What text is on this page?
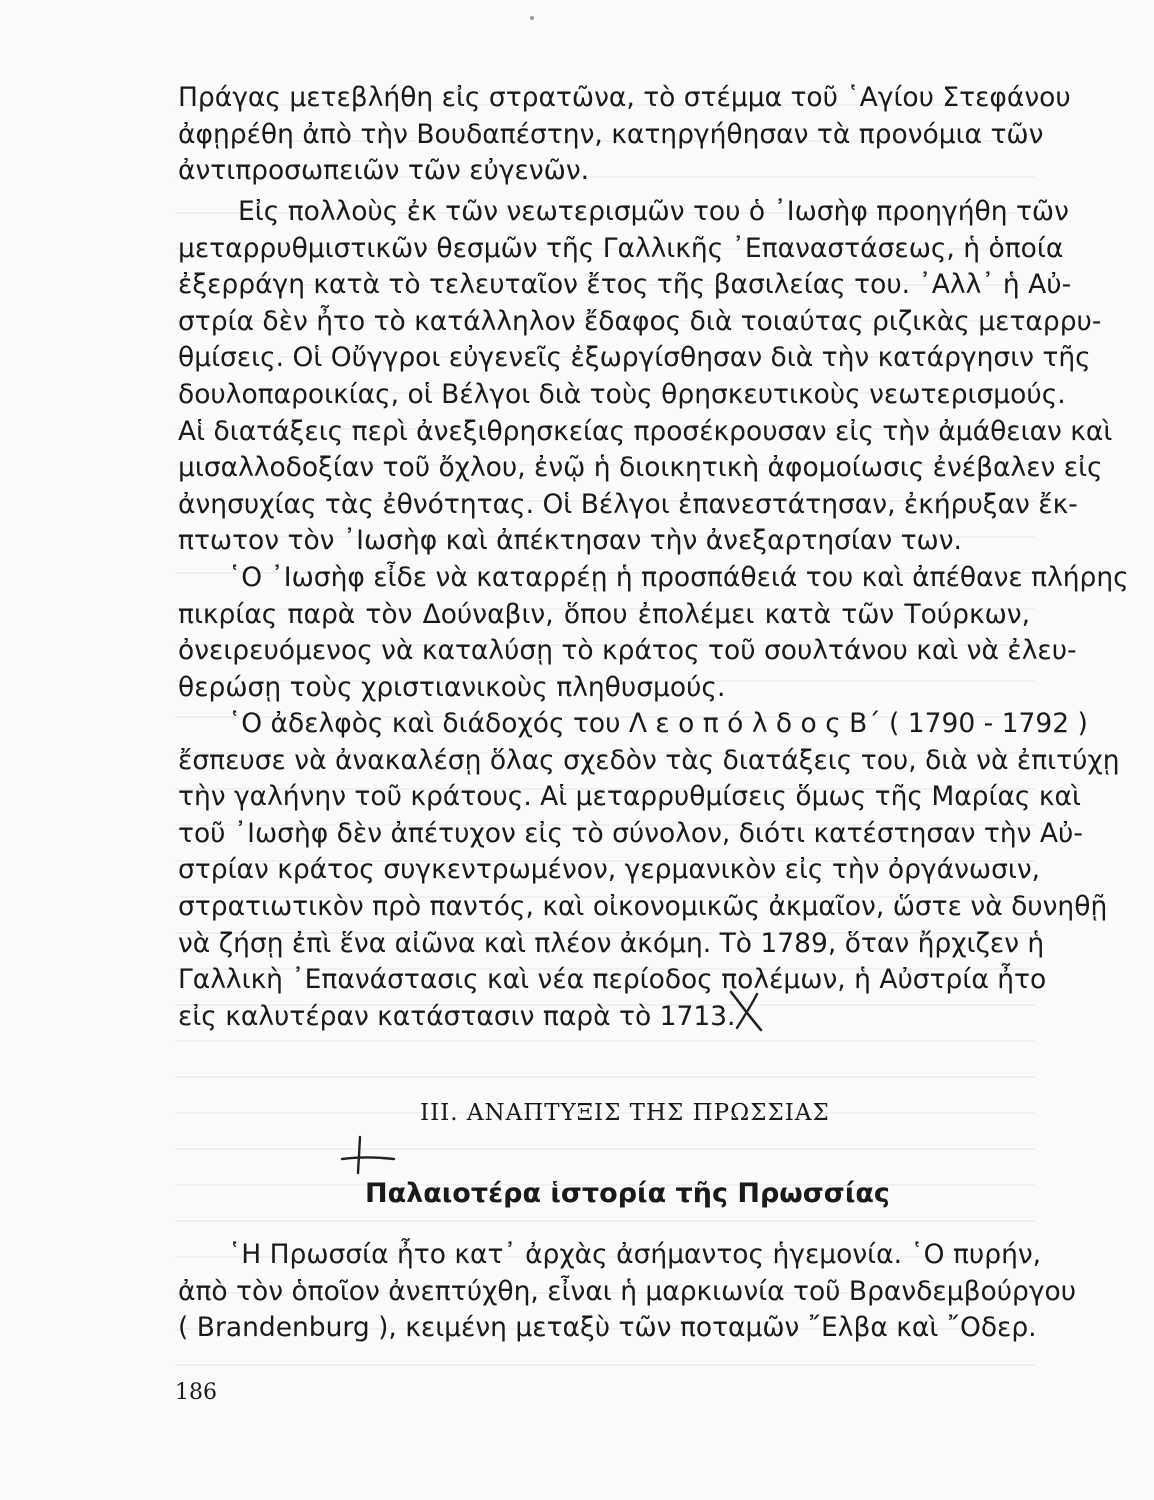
Πράγας μετεβλήθη εἰς στρατῶνα, τὸ στέμμα τοῦ ῾Αγίου Στεφάνου
ἀφῃρέθη ἀπὸ τὴν Βουδαπέστην, κατηργήθησαν τὰ προνόμια τῶν
ἀντιπροσωπειῶν τῶν εὐγενῶν.
Εἰς πολλοὺς ἐκ τῶν νεωτερισμῶν του ὁ ᾿Ιωσὴφ προηγήθη τῶν
μεταρρυθμιστικῶν θεσμῶν τῆς Γαλλικῆς ᾿Επαναστάσεως, ἡ ὁποία
ἐξερράγη κατὰ τὸ τελευταῖον ἔτος τῆς βασιλείας του. ᾿Αλλ᾿ ἡ Αὐ-
στρία δὲν ἦτο τὸ κατάλληλον ἔδαφος διὰ τοιαύτας ριζικὰς μεταρρυ-
θμίσεις. Οἱ Οὔγγροι εὐγενεῖς ἐξωργίσθησαν διὰ τὴν κατάργησιν τῆς
δουλοπαροικίας, οἱ Βέλγοι διὰ τοὺς θρησκευτικοὺς νεωτερισμούς.
Αἱ διατάξεις περὶ ἀνεξιθρησκείας προσέκρουσαν εἰς τὴν ἀμάθειαν καὶ
μισαλλοδοξίαν τοῦ ὄχλου, ἐνῷ ἡ διοικητικὴ ἀφομοίωσις ἐνέβαλεν εἰς
ἀνησυχίας τὰς ἐθνότητας. Οἱ Βέλγοι ἐπανεστάτησαν, ἐκήρυξαν ἔκ-
πτωτον τὸν ᾿Ιωσὴφ καὶ ἀπέκτησαν τὴν ἀνεξαρτησίαν των.
῾Ο ᾿Ιωσὴφ εἶδε νὰ καταρρέῃ ἡ προσπάθειά του καὶ ἀπέθανε πλήρης
πικρίας παρὰ τὸν Δούναβιν, ὅπου ἐπολέμει κατὰ τῶν Τούρκων,
ὀνειρευόμενος νὰ καταλύσῃ τὸ κράτος τοῦ σουλτάνου καὶ νὰ ἐλευ-
θερώσῃ τοὺς χριστιανικοὺς πληθυσμούς.
῾Ο ἀδελφὸς καὶ διάδοχός του Λ ε ο π ό λ δ ο ς Β΄ ( 1790 - 1792 )
ἔσπευσε νὰ ἀνακαλέσῃ ὅλας σχεδὸν τὰς διατάξεις του, διὰ νὰ ἐπιτύχῃ
τὴν γαλήνην τοῦ κράτους. Αἱ μεταρρυθμίσεις ὅμως τῆς Μαρίας καὶ
τοῦ ᾿Ιωσὴφ δὲν ἀπέτυχον εἰς τὸ σύνολον, διότι κατέστησαν τὴν Αὐ-
στρίαν κράτος συγκεντρωμένον, γερμανικὸν εἰς τὴν ὀργάνωσιν,
στρατιωτικὸν πρὸ παντός, καὶ οἰκονομικῶς ἀκμαῖον, ὥστε νὰ δυνηθῇ
νὰ ζήσῃ ἐπὶ ἕνα αἰῶνα καὶ πλέον ἀκόμη. Τὸ 1789, ὅταν ἤρχιζεν ἡ
Γαλλικὴ ᾿Επανάστασις καὶ νέα περίοδος πολέμων, ἡ Αὐστρία ἦτο
εἰς καλυτέραν κατάστασιν παρὰ τὸ 1713.
III. ΑΝΑΠΤΥΞΙΣ ΤΗΣ ΠΡΩΣΣΙΑΣ
Παλαιοτέρα ἱστορία τῆς Πρωσσίας
῾Η Πρωσσία ἦτο κατ᾿ ἀρχὰς ἀσήμαντος ἡγεμονία. ῾Ο πυρήν,
ἀπὸ τὸν ὁποῖον ἀνεπτύχθη, εἶναι ἡ μαρκιωνία τοῦ Βρανδεμβούργου
( Brandenburg ), κειμένη μεταξὺ τῶν ποταμῶν ῎Ελβα καὶ ῎Οδερ.
186
